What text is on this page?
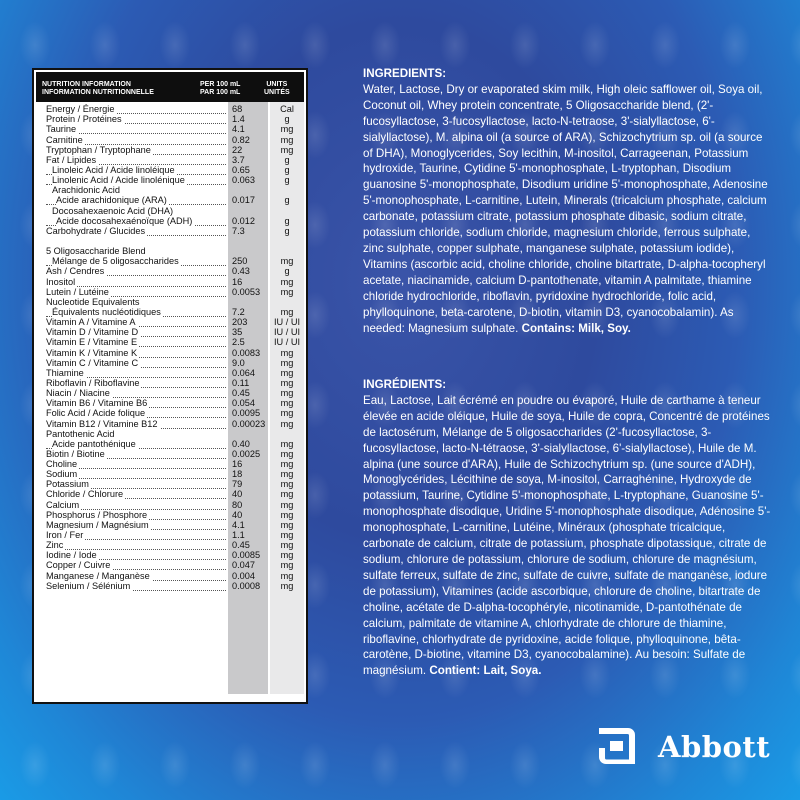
NUTRITION INFORMATION
INFORMATION NUTRITIONNELLE
PER 100 mL
PAR 100 mL
UNITS
UNITÉS
Energy / Énergie	68	Cal
Protein / Protéines	1.4	g
Taurine	4.1	mg
Carnitine	0.82	mg
Tryptophan / Tryptophane	22	mg
Fat / Lipides	3.7	g
Linoleic Acid / Acide linoléique	0.65	g
Linolenic Acid / Acide linolénique	0.063	g
Arachidonic Acid
Acide arachidonique (ARA)	0.017	g
Docosahexaenoic Acid (DHA)
Acide docosahexaénoïque (ADH)	0.012	g
Carbohydrate / Glucides	7.3	g
5 Oligosaccharide Blend
Mélange de 5 oligosaccharides	250	mg
Ash / Cendres	0.43	g
Inositol	16	mg
Lutein / Lutéine	0.0053	mg
Nucleotide Equivalents
Équivalents nucléotidiques	7.2	mg
Vitamin A / Vitamine A	203	IU / UI
Vitamin D / Vitamine D	35	IU / UI
Vitamin E / Vitamine E	2.5	IU / UI
Vitamin K / Vitamine K	0.0083	mg
Vitamin C / Vitamine C	9.0	mg
Thiamine	0.064	mg
Riboflavin / Riboflavine	0.11	mg
Niacin / Niacine	0.45	mg
Vitamin B6 / Vitamine B6	0.054	mg
Folic Acid / Acide folique	0.0095	mg
Vitamin B12 / Vitamine B12	0.00023	mg
Pantothenic Acid
Acide pantothénique	0.40	mg
Biotin / Biotine	0.0025	mg
Choline	16	mg
Sodium	18	mg
Potassium	79	mg
Chloride / Chlorure	40	mg
Calcium	80	mg
Phosphorus / Phosphore	40	mg
Magnesium / Magnésium	4.1	mg
Iron / Fer	1.1	mg
Zinc	0.45	mg
Iodine / Iode	0.0085	mg
Copper / Cuivre	0.047	mg
Manganese / Manganèse	0.004	mg
Selenium / Sélénium	0.0008	mg
INGREDIENTS:
Water, Lactose, Dry or evaporated skim milk, High oleic safflower oil, Soya oil, Coconut oil, Whey protein concentrate, 5 Oligosaccharide blend, (2'-fucosyllactose, 3-fucosyllactose, lacto-N-tetraose, 3'-sialyllactose, 6'-sialyllactose), M. alpina oil (a source of ARA), Schizochytrium sp. oil (a source of DHA), Monoglycerides, Soy lecithin, M-inositol, Carrageenan, Potassium hydroxide, Taurine, Cytidine 5'-monophosphate, L-tryptophan, Disodium guanosine 5'-monophosphate, Disodium uridine 5'-monophosphate, Adenosine 5'-monophosphate, L-carnitine, Lutein, Minerals (tricalcium phosphate, calcium carbonate, potassium citrate, potassium phosphate dibasic, sodium citrate, potassium chloride, sodium chloride, magnesium chloride, ferrous sulphate, zinc sulphate, copper sulphate, manganese sulphate, potassium iodide), Vitamins (ascorbic acid, choline chloride, choline bitartrate, D-alpha-tocopheryl acetate, niacinamide, calcium D-pantothenate, vitamin A palmitate, thiamine chloride hydrochloride, riboflavin, pyridoxine hydrochloride, folic acid, phylloquinone, beta-carotene, D-biotin, vitamin D3, cyanocobalamin). As needed: Magnesium sulphate. Contains: Milk, Soy.
INGRÉDIENTS:
Eau, Lactose, Lait écrémé en poudre ou évaporé, Huile de carthame à teneur élevée en acide oléique, Huile de soya, Huile de copra, Concentré de protéines de lactosérum, Mélange de 5 oligosaccharides (2'-fucosyllactose, 3-fucosyllactose, lacto-N-tétraose, 3'-sialyllactose, 6'-sialyllactose), Huile de M. alpina (une source d'ARA), Huile de Schizochytrium sp. (une source d'ADH), Monoglycérides, Lécithine de soya, M-inositol, Carraghénine, Hydroxyde de potassium, Taurine, Cytidine 5'-monophosphate, L-tryptophane, Guanosine 5'-monophosphate disodique, Uridine 5'-monophosphate disodique, Adénosine 5'-monophosphate, L-carnitine, Lutéine, Minéraux (phosphate tricalcique, carbonate de calcium, citrate de potassium, phosphate dipotassique, citrate de sodium, chlorure de potassium, chlorure de sodium, chlorure de magnésium, sulfate ferreux, sulfate de zinc, sulfate de cuivre, sulfate de manganèse, iodure de potassium), Vitamines (acide ascorbique, chlorure de choline, bitartrate de choline, acétate de D-alpha-tocophéryle, nicotinamide, D-pantothénate de calcium, palmitate de vitamine A, chlorhydrate de chlorure de thiamine, riboflavine, chlorhydrate de pyridoxine, acide folique, phylloquinone, bêta-carotène, D-biotine, vitamine D3, cyanocobalamine). Au besoin: Sulfate de magnésium. Contient: Lait, Soya.
Abbott
